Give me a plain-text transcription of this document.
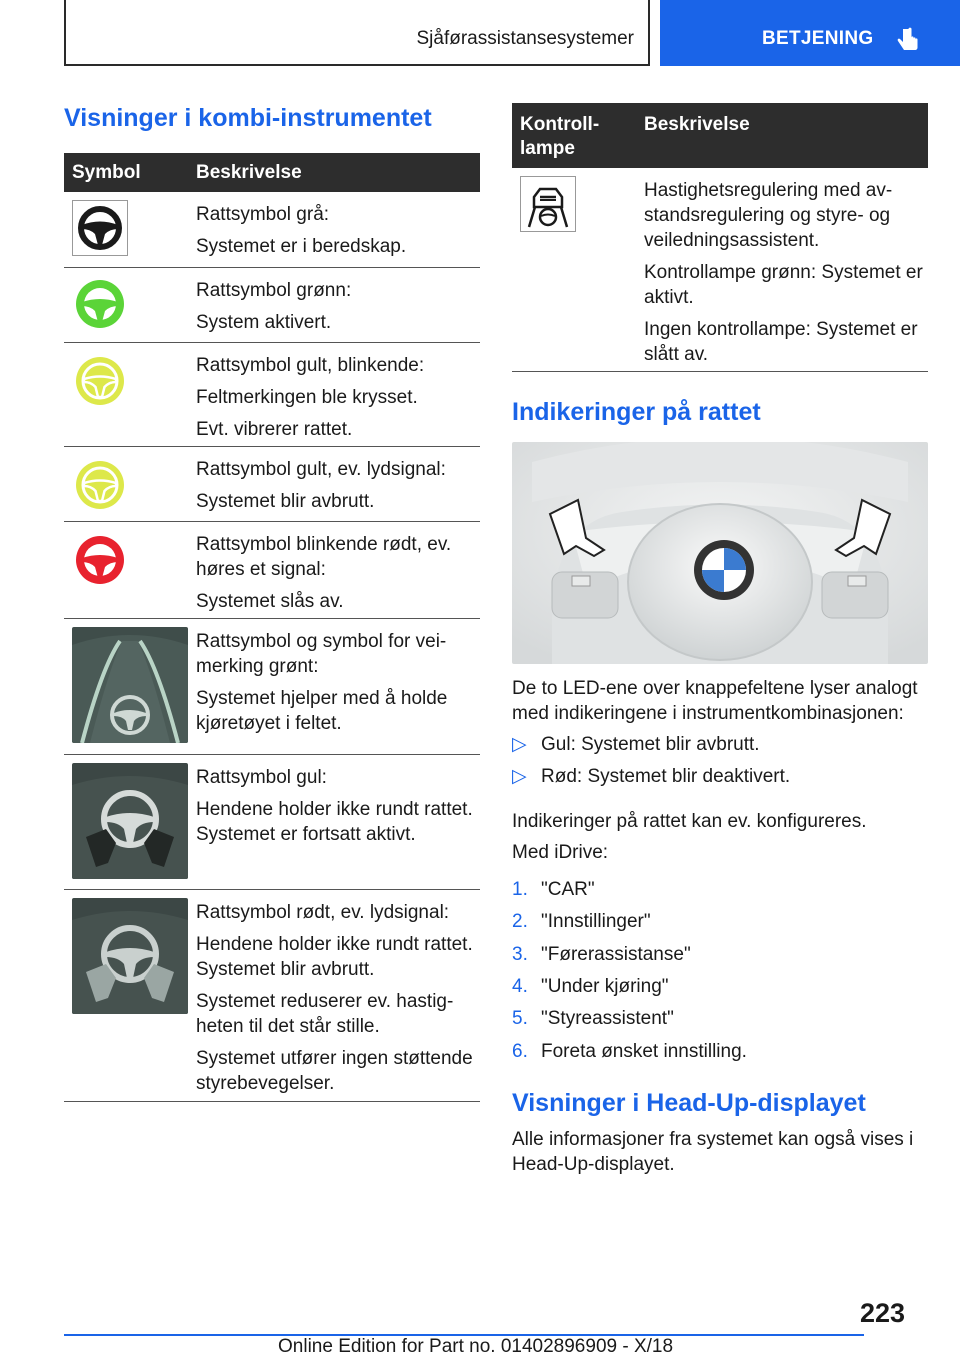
Sjåførassistansesystemer	BETJENING
Visninger i kombi-instrumentet
Symbol	Beskrivelse

Rattsymbol grå:

Systemet er i beredskap.

Rattsymbol grønn:

System aktivert.

Rattsymbol gult, blinkende:

Feltmerkingen ble krysset.

Evt. vibrerer rattet.

Rattsymbol gult, ev. lydsignal:

Systemet blir avbrutt.

Rattsymbol blinkende rødt, ev. høres et signal:

Systemet slås av.

Rattsymbol og symbol for veimerking grønt:

Systemet hjelper med å holde kjøretøyet i feltet.

Rattsymbol gul:

Hendene holder ikke rundt rattet. Systemet er fortsatt aktivt.

Rattsymbol rødt, ev. lydsignal:

Hendene holder ikke rundt rattet. Systemet blir avbrutt.

Systemet reduserer ev. hastigheten til det står stille.

Systemet utfører ingen støttende styrebevegelser.

Kontrolllampe
Beskrivelse

Hastighetsregulering med avstandsregulering og styre- og veiledningsassistent.

Kontrollampe grønn: Systemet er aktivt.

Ingen kontrollampe: Systemet er slått av.

Indikeringer på rattet
De to LED-ene over knappefeltene lyser analogt med indikeringene i instrumentkombinasjonen:
▷ Gul: Systemet blir avbrutt.
▷ Rød: Systemet blir deaktivert.
Indikeringer på rattet kan ev. konfigureres.
Med iDrive:
1. "CAR"
2. "Innstillinger"
3. "Førerassistanse"
4. "Under kjøring"
5. "Styreassistent"
6. Foreta ønsket innstilling.
Visninger i Head-Up-displayet
Alle informasjoner fra systemet kan også vises i Head-Up-displayet.
223
Online Edition for Part no. 01402896909 - X/18
